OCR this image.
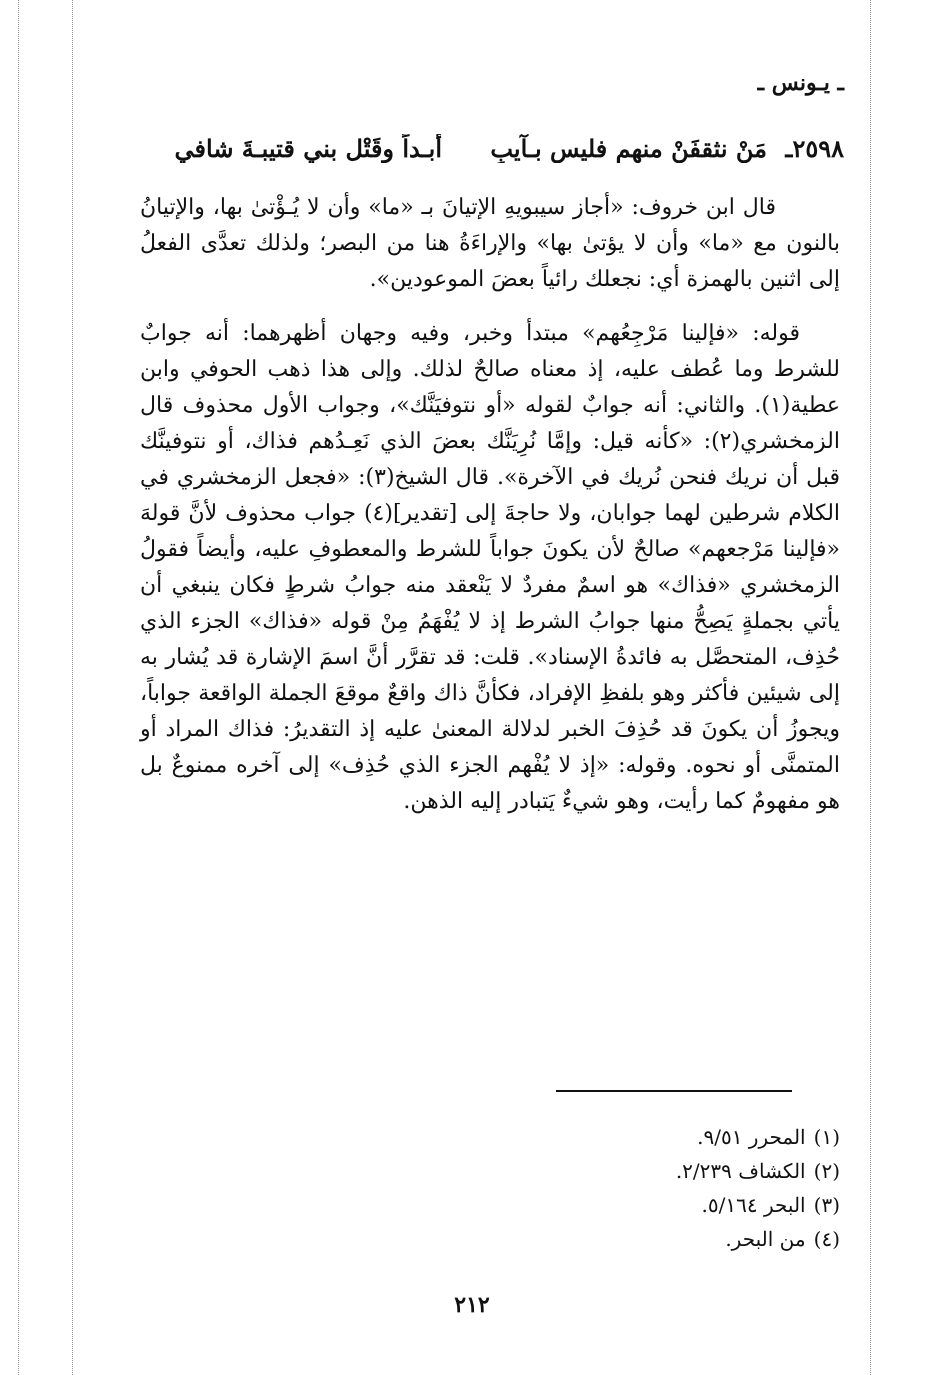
ـ يـونس ـ
٢٥٩٨ـ مَنْ نثقفَنْ منهم فليس بـآيبٍ أبـداً وقَتْل بني قتيبـةَ شافي

قال ابن خروف: «أجاز سيبويهِ الإتيانَ بـ «ما» وأن لا يُـؤْتىٰ بها، والإتيانُ بالنون مع «ما» وأن لا يؤتىٰ بها» والإراءَةُ هنا من البصر؛ ولذلك تعدَّى الفعلُ إلى اثنين بالهمزة أي: نجعلك رائياً بعضَ الموعودين».

قوله: «فإلينا مَرْجِعُهم» مبتدأ وخبر، وفيه وجهان أظهرهما: أنه جوابٌ للشرط وما عُطف عليه، إذ معناه صالحٌ لذلك. وإلى هذا ذهب الحوفي وابن عطية(١). والثاني: أنه جوابٌ لقوله «أو نتوفيَنَّك»، وجواب الأول محذوف قال الزمخشري(٢): «كأنه قيل: وإمَّا نُرِيَنَّك بعضَ الذي نَعِـدُهم فذاك، أو نتوفينَّك قبل أن نريك فنحن نُريك في الآخرة». قال الشيخ(٣): «فجعل الزمخشري في الكلام شرطين لهما جوابان، ولا حاجةَ إلى [تقدير](٤) جواب محذوف لأنَّ قولهَ «فإلينا مَرْجعهم» صالحٌ لأن يكونَ جواباً للشرط والمعطوفِ عليه، وأيضاً فقولُ الزمخشري «فذاك» هو اسمٌ مفردٌ لا يَنْعقد منه جوابُ شرطٍ فكان ينبغي أن يأتي بجملةٍ يَصِحُّ منها جوابُ الشرط إذ لا يُفْهَمُ مِنْ قوله «فذاك» الجزء الذي حُذِف، المتحصَّل به فائدةُ الإسناد». قلت: قد تقرَّر أنَّ اسمَ الإشارة قد يُشار به إلى شيئين فأكثر وهو بلفظِ الإفراد، فكأنَّ ذاك واقعٌ موقعَ الجملة الواقعة جواباً، ويجوزُ أن يكونَ قد حُذِفَ الخبر لدلالة المعنىٰ عليه إذ التقديرُ: فذاك المراد أو المتمنَّى أو نحوه. وقوله: «إذ لا يُفْهم الجزء الذي حُذِف» إلى آخره ممنوعٌ بل هو مفهومٌ كما رأيت، وهو شيءٌ يَتبادر إليه الذهن.

(١)المحرر ٩/٥١.
(٢)الكشاف ٢/٢٣٩.
(٣)البحر ٥/١٦٤.
(٤)من البحر.
٢١٢
